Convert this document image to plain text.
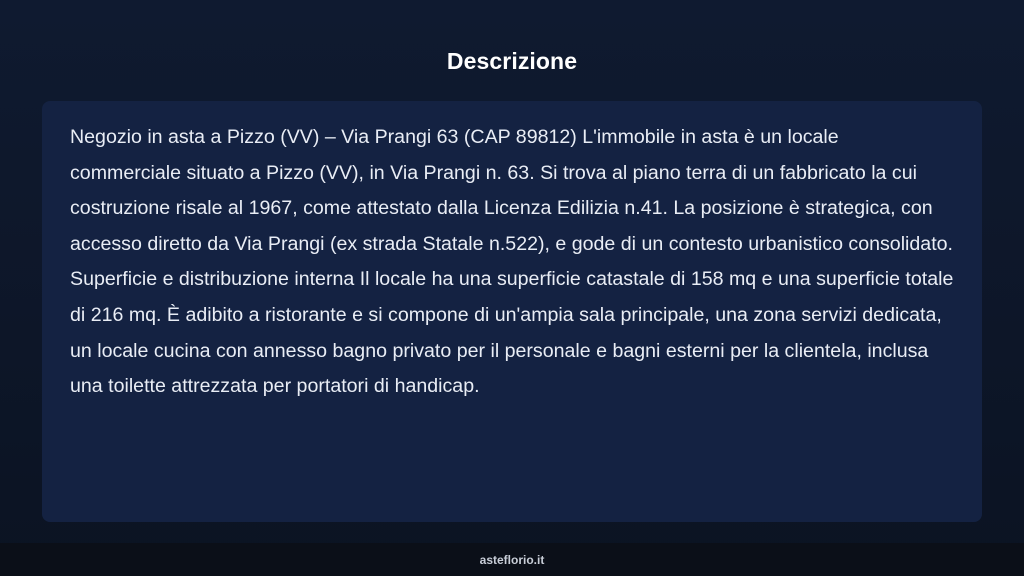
Descrizione

Negozio in asta a Pizzo (VV) – Via Prangi 63 (CAP 89812) L'immobile in asta è un locale commerciale situato a Pizzo (VV), in Via Prangi n. 63. Si trova al piano terra di un fabbricato la cui costruzione risale al 1967, come attestato dalla Licenza Edilizia n.41. La posizione è strategica, con accesso diretto da Via Prangi (ex strada Statale n.522), e gode di un contesto urbanistico consolidato. Superficie e distribuzione interna Il locale ha una superficie catastale di 158 mq e una superficie totale di 216 mq. È adibito a ristorante e si compone di un'ampia sala principale, una zona servizi dedicata, un locale cucina con annesso bagno privato per il personale e bagni esterni per la clientela, inclusa una toilette attrezzata per portatori di handicap.

asteflorio.it
